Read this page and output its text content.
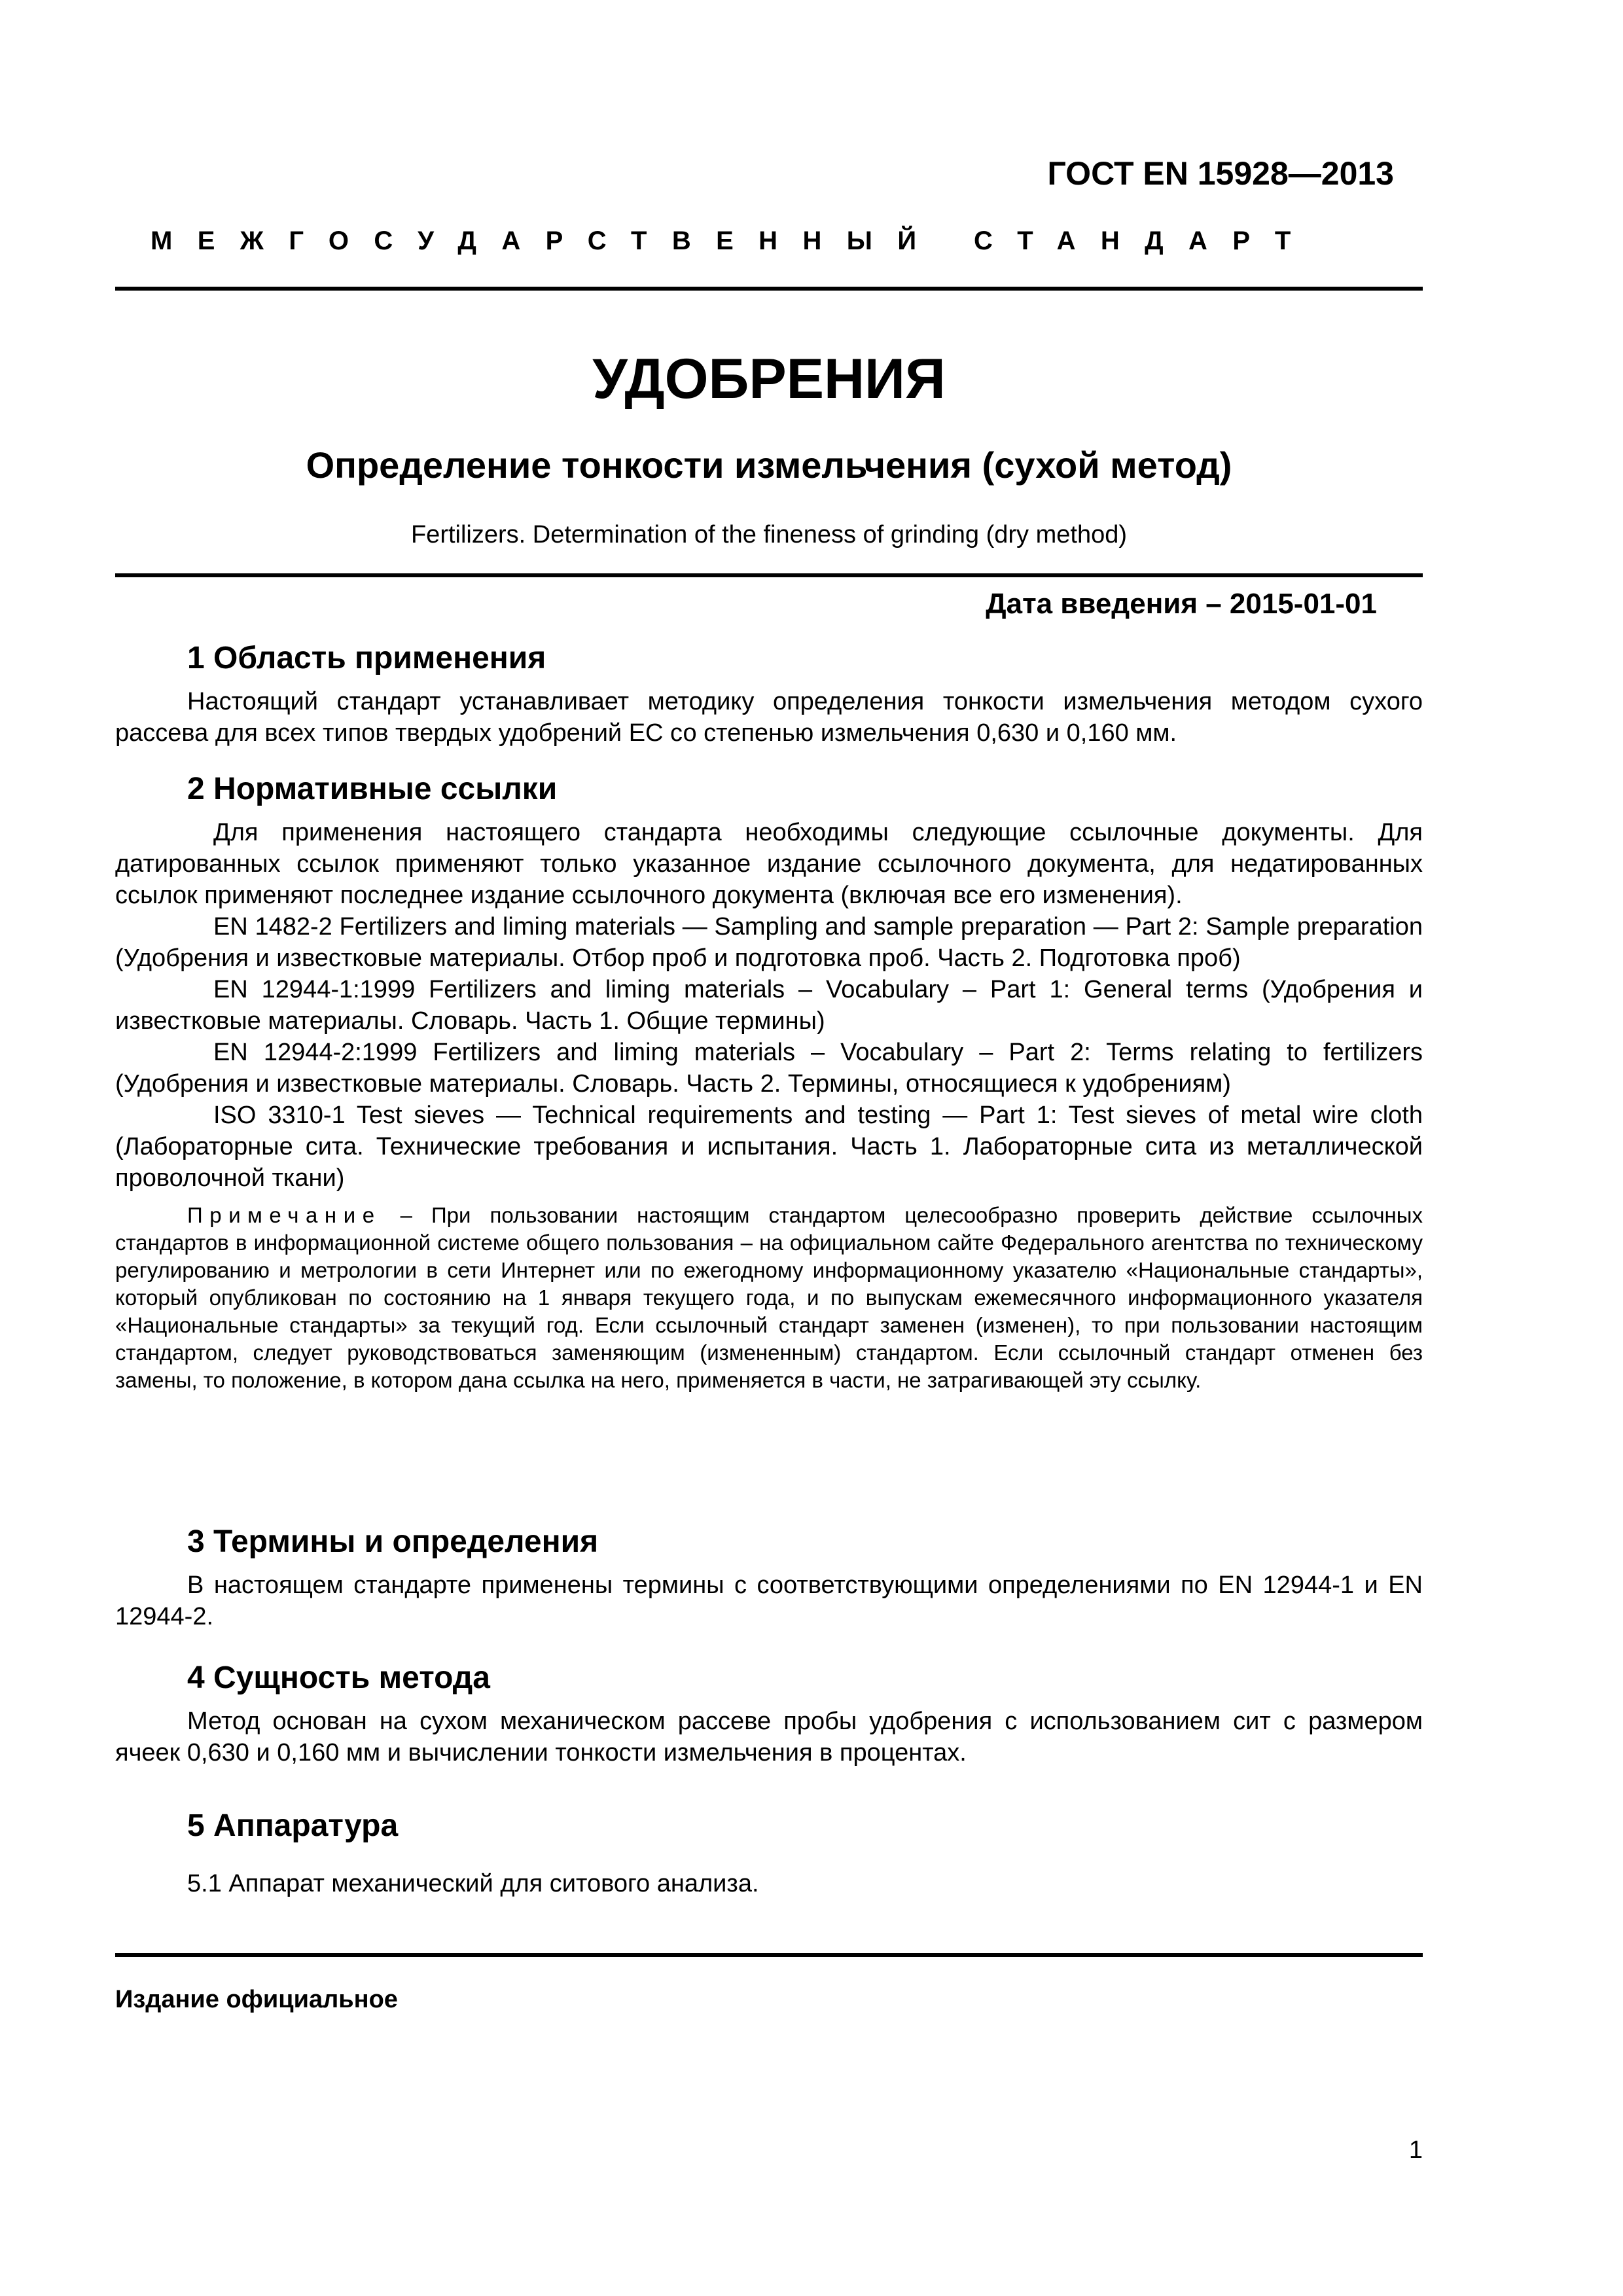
ГОСТ EN 15928—2013
МЕЖГОСУДАРСТВЕННЫЙ СТАНДАРТ
УДОБРЕНИЯ
Определение тонкости измельчения (сухой метод)
Fertilizers. Determination of the fineness of grinding (dry method)
Дата введения – 2015-01-01
1 Область применения

Настоящий стандарт устанавливает методику определения тонкости измельчения методом сухого рассева для всех типов твердых удобрений ЕС со степенью измельчения 0,630 и 0,160 мм.

2 Нормативные ссылки

Для применения настоящего стандарта необходимы следующие ссылочные документы. Для датированных ссылок применяют только указанное издание ссылочного документа, для недатированных ссылок применяют последнее издание ссылочного документа (включая все его изменения).

EN 1482-2 Fertilizers and liming materials — Sampling and sample preparation — Part 2: Sample preparation (Удобрения и известковые материалы. Отбор проб и подготовка проб. Часть 2. Подготовка проб)

EN 12944-1:1999 Fertilizers and liming materials – Vocabulary – Part 1: General terms (Удобрения и известковые материалы. Словарь. Часть 1. Общие термины)

EN 12944-2:1999 Fertilizers and liming materials – Vocabulary – Part 2: Terms relating to fertilizers (Удобрения и известковые материалы. Словарь. Часть 2. Термины, относящиеся к удобрениям)

ISO 3310-1 Test sieves — Technical requirements and testing — Part 1: Test sieves of metal wire cloth (Лабораторные сита. Технические требования и испытания. Часть 1. Лабораторные сита из металлической проволочной ткани)

Примечание – При пользовании настоящим стандартом целесообразно проверить действие ссылочных стандартов в информационной системе общего пользования – на официальном сайте Федерального агентства по техническому регулированию и метрологии в сети Интернет или по ежегодному информационному указателю «Национальные стандарты», который опубликован по состоянию на 1 января текущего года, и по выпускам ежемесячного информационного указателя «Национальные стандарты» за текущий год. Если ссылочный стандарт заменен (изменен), то при пользовании настоящим стандартом, следует руководствоваться заменяющим (измененным) стандартом. Если ссылочный стандарт отменен без замены, то положение, в котором дана ссылка на него, применяется в части, не затрагивающей эту ссылку.

3 Термины и определения

В настоящем стандарте применены термины с соответствующими определениями по EN 12944-1 и EN 12944-2.

4 Сущность метода

Метод основан на сухом механическом рассеве пробы удобрения с использованием сит с размером ячеек 0,630 и 0,160 мм и вычислении тонкости измельчения в процентах.

5 Аппаратура

5.1 Аппарат механический для ситового анализа.

Издание официальное
1
